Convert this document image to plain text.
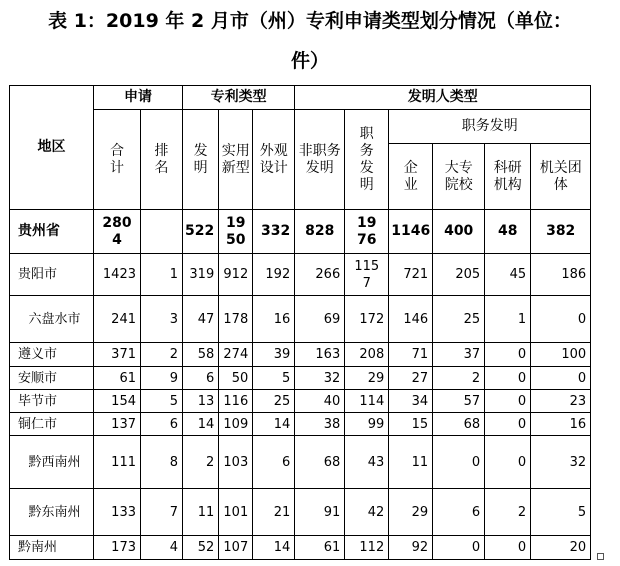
表 1：2019 年 2 月市（州）专利申请类型划分情况（单位：
件）
地区	申请		专利类型			发明人类型					
	合计	排名	发明	实用新型	外观设计	非职务发明	职务发明	职务发明			
								企业	大专院校	科研机构	机关团体
贵州省	2804		522	1950	332	828	1976	1146	400	48	382
贵阳市	1423	1	319	912	192	266	1157	721	205	45	186
六盘水市	241	3	47	178	16	69	172	146	25	1	0
遵义市	371	2	58	274	39	163	208	71	37	0	100
安顺市	61	9	6	50	5	32	29	27	2	0	0
毕节市	154	5	13	116	25	40	114	34	57	0	23
铜仁市	137	6	14	109	14	38	99	15	68	0	16
黔西南州	111	8	2	103	6	68	43	11	0	0	32
黔东南州	133	7	11	101	21	91	42	29	6	2	5
黔南州	173	4	52	107	14	61	112	92	0	0	20
